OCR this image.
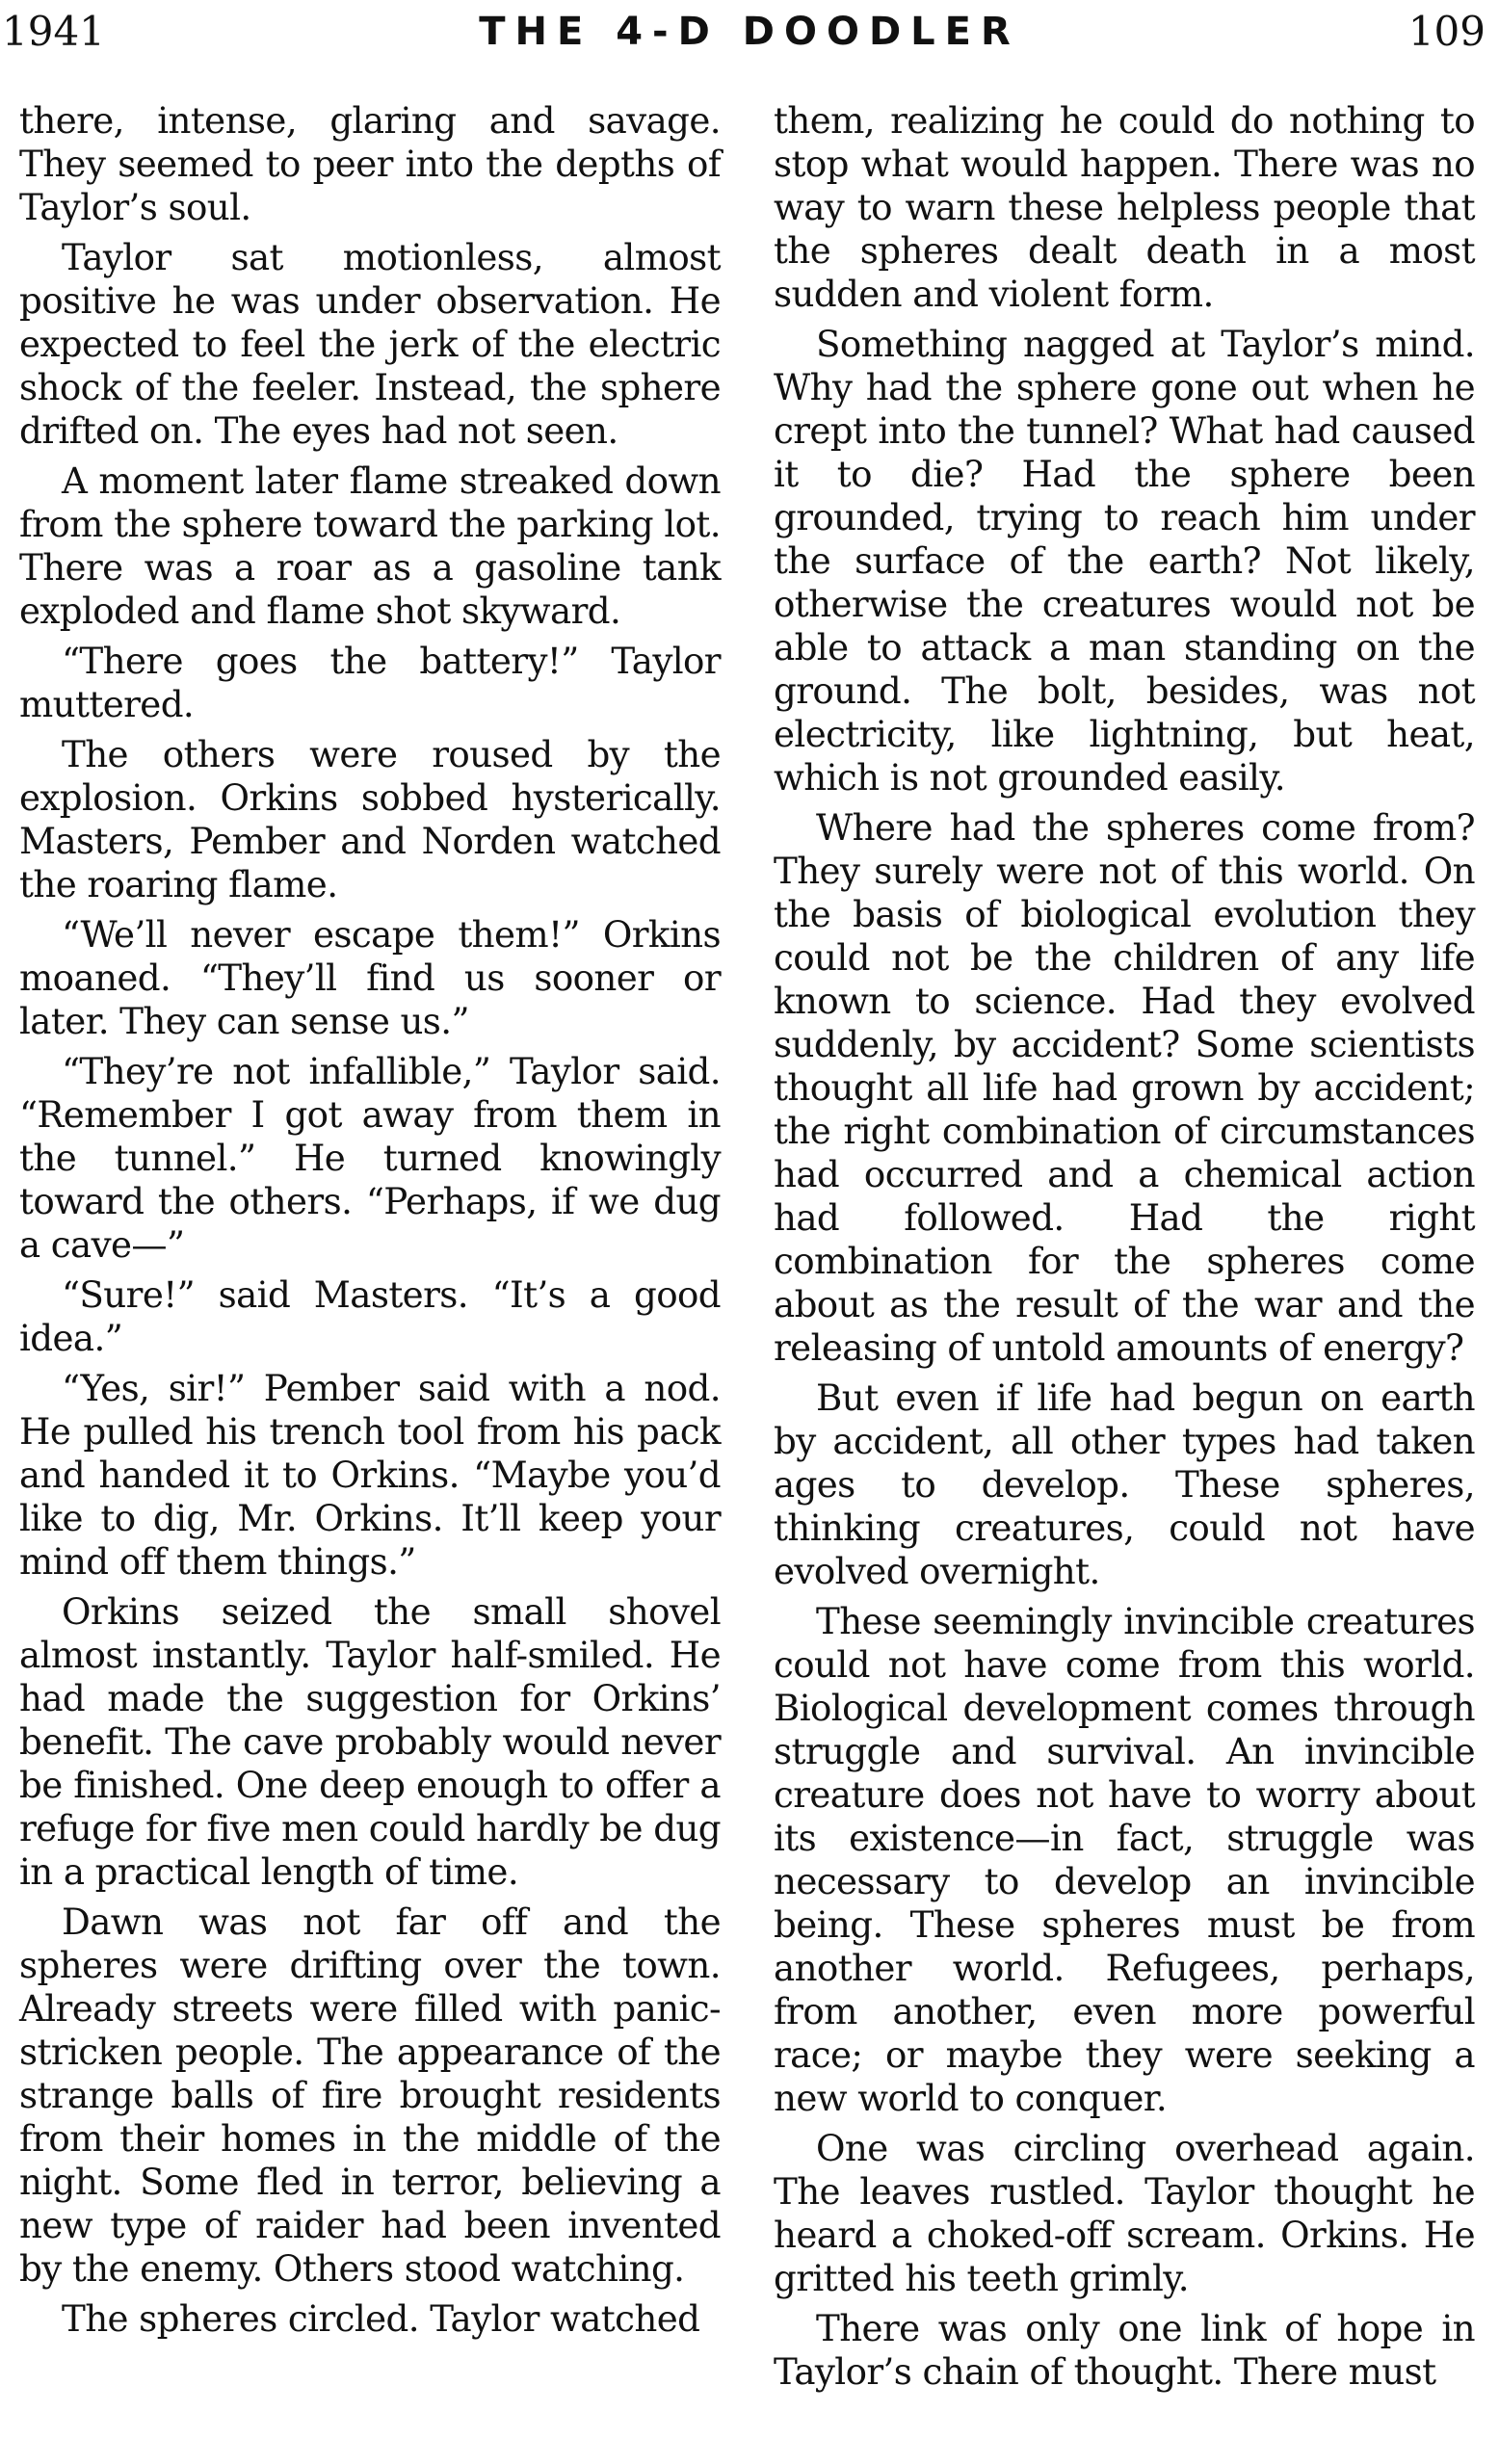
1941	THE 4-D DOODLER	109

there, intense, glaring and savage. They seemed to peer into the depths of Taylor’s soul.

Taylor sat motionless, almost positive he was under observation. He expected to feel the jerk of the electric shock of the feeler. Instead, the sphere drifted on. The eyes had not seen.

A moment later flame streaked down from the sphere toward the parking lot. There was a roar as a gasoline tank exploded and flame shot skyward.

“There goes the battery!” Taylor muttered.

The others were roused by the explosion. Orkins sobbed hysterically. Masters, Pember and Norden watched the roaring flame.

“We’ll never escape them!” Orkins moaned. “They’ll find us sooner or later. They can sense us.”

“They’re not infallible,” Taylor said. “Remember I got away from them in the tunnel.” He turned knowingly toward the others. “Perhaps, if we dug a cave—”

“Sure!” said Masters. “It’s a good idea.”

“Yes, sir!” Pember said with a nod. He pulled his trench tool from his pack and handed it to Orkins. “Maybe you’d like to dig, Mr. Orkins. It’ll keep your mind off them things.”

Orkins seized the small shovel almost instantly. Taylor half-smiled. He had made the suggestion for Orkins’ benefit. The cave probably would never be finished. One deep enough to offer a refuge for five men could hardly be dug in a practical length of time.

Dawn was not far off and the spheres were drifting over the town. Already streets were filled with panic-stricken people. The appearance of the strange balls of fire brought residents from their homes in the middle of the night. Some fled in terror, believing a new type of raider had been invented by the enemy. Others stood watching.

The spheres circled. Taylor watched

them, realizing he could do nothing to stop what would happen. There was no way to warn these helpless people that the spheres dealt death in a most sudden and violent form.

Something nagged at Taylor’s mind. Why had the sphere gone out when he crept into the tunnel? What had caused it to die? Had the sphere been grounded, trying to reach him under the surface of the earth? Not likely, otherwise the creatures would not be able to attack a man standing on the ground. The bolt, besides, was not electricity, like lightning, but heat, which is not grounded easily.

Where had the spheres come from? They surely were not of this world. On the basis of biological evolution they could not be the children of any life known to science. Had they evolved suddenly, by accident? Some scientists thought all life had grown by accident; the right combination of circumstances had occurred and a chemical action had followed. Had the right combination for the spheres come about as the result of the war and the releasing of untold amounts of energy?

But even if life had begun on earth by accident, all other types had taken ages to develop. These spheres, thinking creatures, could not have evolved overnight.

These seemingly invincible creatures could not have come from this world. Biological development comes through struggle and survival. An invincible creature does not have to worry about its existence—in fact, struggle was necessary to develop an invincible being. These spheres must be from another world. Refugees, perhaps, from another, even more powerful race; or maybe they were seeking a new world to conquer.

One was circling overhead again. The leaves rustled. Taylor thought he heard a choked-off scream. Orkins. He gritted his teeth grimly.

There was only one link of hope in Taylor’s chain of thought. There must
